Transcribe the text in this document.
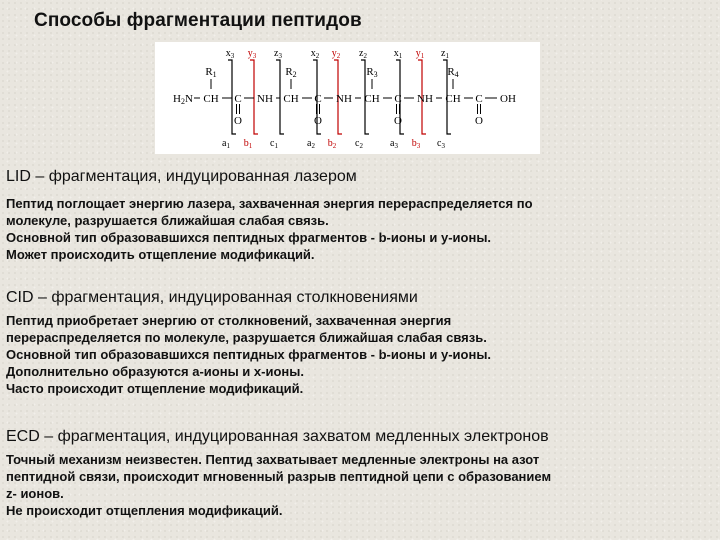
Способы фрагментации пептидов
$x_3$ $y_3$ $z_3$	$x_2$ $y_2$ $z_2$	$x_1$ $y_1$ $z_1$
$a_1$ $b_1$ $c_1$	$a_2$ $b_2$ $c_2$	$a_3$ $b_3$ $c_3$
H2N CH C NH CH C NH CH C NH CH C OH
R1	R2	R3	R4
O	O	O	O
LID – фрагментация, индуцированная лазером
Пептид поглощает энергию лазера, захваченная энергия перераспределяется по
молекуле, разрушается ближайшая слабая связь.
Основной тип образовавшихся пептидных фрагментов - b-ионы и y-ионы.
Может происходить отщепление модификаций.
CID – фрагментация, индуцированная столкновениями
Пептид приобретает энергию от столкновений, захваченная энергия
перераспределяется по молекуле, разрушается ближайшая слабая связь.
Основной тип образовавшихся пептидных фрагментов - b-ионы и y-ионы.
Дополнительно образуются a-ионы и x-ионы.
Часто происходит отщепление модификаций.
ECD – фрагментация, индуцированная захватом медленных электронов
Точный механизм неизвестен. Пептид захватывает медленные электроны на азот
пептидной связи, происходит мгновенный разрыв пептидной цепи с образованием
z- ионов.
Не происходит отщепления модификаций.
